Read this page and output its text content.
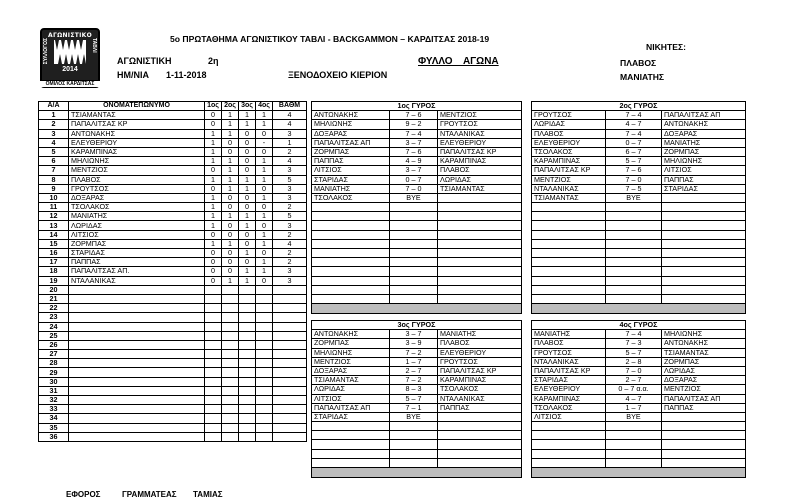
ΑΓΩΝΙΣΤΙΚΟ
ΣΥΛΛΟΓΟΣ	ΤΑΒΛΙ
2014
ΟΜΙΛΟΣ ΚΑΡΔΙΤΣΑΣ
5ο ΠΡΩΤΑΘΗΜΑ ΑΓΩΝΙΣΤΙΚΟΥ ΤΑΒΛΙ - BACKGAMMON – ΚΑΡΔΙΤΣΑΣ 2018-19
ΑΓΩΝΙΣΤΙΚΗ	2η
ΗΜ/ΝΙΑ 1-11-2018	ΞΕΝΟΔΟΧΕΙΟ ΚΙΕΡΙΟΝ
ΦΥΛΛΟ ΑΓΩΝΑ
ΝΙΚΗΤΕΣ:
ΠΛΑΒΟΣ
ΜΑΝΙΑΤΗΣ
Α/Α	ΟΝΟΜΑΤΕΠΩΝΥΜΟ	1ος	2ος	3ος	4ος	ΒΑΘΜ
1	ΤΣΙΑΜΑΝΤΑΣ	0	1	1	1	4
2	ΠΑΠΑΛΙΤΣΑΣ ΚΡ	0	1	1	1	4
3	ΑΝΤΩΝΑΚΗΣ	1	1	0	0	3
4	ΕΛΕΥΘΕΡΙΟΥ	1	0	0	-	1
5	ΚΑΡΑΜΠΙΝΑΣ	1	0	0	0	2
6	ΜΗΛΙΩΝΗΣ	1	1	0	1	4
7	ΜΕΝΤΖΙΟΣ	0	1	0	1	3
8	ΠΛΑΒΟΣ	1	1	1	1	5
9	ΓΡΟΥΤΣΟΣ	0	1	1	0	3
10	ΔΟΞΑΡΑΣ	1	0	0	1	3
11	ΤΣΟΛΑΚΟΣ	1	0	0	0	2
12	ΜΑΝΙΑΤΗΣ	1	1	1	1	5
13	ΛΩΡΙΔΑΣ	1	0	1	0	3
14	ΛΙΤΣΙΟΣ	0	0	0	1	2
15	ΖΟΡΜΠΑΣ	1	1	0	1	4
16	ΣΤΑΡΙΔΑΣ	0	0	1	0	2
17	ΠΑΠΠΑΣ	0	0	0	1	2
18	ΠΑΠΑΛΙΤΣΑΣ ΑΠ.	0	0	1	1	3
19	ΝΤΑΛΑΝΙΚΑΣ	0	1	1	0	3
20						
21						
22						
23						
24						
25						
26						
27						
28						
29						
30						
31						
32						
33						
34						
35						
36						
1ος ΓΥΡΟΣ		
ΑΝΤΩΝΑΚΗΣ	7 – 6	ΜΕΝΤΖΙΟΣ
ΜΗΛΙΩΝΗΣ	9 – 2	ΓΡΟΥΤΣΟΣ
ΔΟΞΑΡΑΣ	7 – 4	ΝΤΑΛΑΝΙΚΑΣ
ΠΑΠΑΛΙΤΣΑΣ ΑΠ	3 – 7	ΕΛΕΥΘΕΡΙΟΥ
ΖΟΡΜΠΑΣ	7 – 6	ΠΑΠΑΛΙΤΣΑΣ ΚΡ
ΠΑΠΠΑΣ	4 – 9	ΚΑΡΑΜΠΙΝΑΣ
ΛΙΤΣΙΟΣ	3 – 7	ΠΛΑΒΟΣ
ΣΤΑΡΙΔΑΣ	0 – 7	ΛΩΡΙΔΑΣ
ΜΑΝΙΑΤΗΣ	7 – 0	ΤΣΙΑΜΑΝΤΑΣ
ΤΣΟΛΑΚΟΣ	BYE	

2ος ΓΥΡΟΣ		
ΓΡΟΥΤΣΟΣ	7 – 4	ΠΑΠΑΛΙΤΣΑΣ ΑΠ
ΛΩΡΙΔΑΣ	4 – 7	ΑΝΤΩΝΑΚΗΣ
ΠΛΑΒΟΣ	7 – 4	ΔΟΞΑΡΑΣ
ΕΛΕΥΘΕΡΙΟΥ	0 – 7	ΜΑΝΙΑΤΗΣ
ΤΣΟΛΑΚΟΣ	6 – 7	ΖΟΡΜΠΑΣ
ΚΑΡΑΜΠΙΝΑΣ	5 – 7	ΜΗΛΙΩΝΗΣ
ΠΑΠΑΛΙΤΣΑΣ ΚΡ	7 – 6	ΛΙΤΣΙΟΣ
ΜΕΝΤΖΙΟΣ	7 – 0	ΠΑΠΠΑΣ
ΝΤΑΛΑΝΙΚΑΣ	7 – 5	ΣΤΑΡΙΔΑΣ
ΤΣΙΑΜΑΝΤΑΣ	BYE	

3ος ΓΥΡΟΣ		
ΑΝΤΩΝΑΚΗΣ	3 – 7	ΜΑΝΙΑΤΗΣ
ΖΟΡΜΠΑΣ	3 – 9	ΠΛΑΒΟΣ
ΜΗΛΙΩΝΗΣ	7 – 2	ΕΛΕΥΘΕΡΙΟΥ
ΜΕΝΤΖΙΟΣ	1 – 7	ΓΡΟΥΤΣΟΣ
ΔΟΞΑΡΑΣ	2 – 7	ΠΑΠΑΛΙΤΣΑΣ ΚΡ
ΤΣΙΑΜΑΝΤΑΣ	7 – 2	ΚΑΡΑΜΠΙΝΑΣ
ΛΩΡΙΔΑΣ	8 – 3	ΤΣΟΛΑΚΟΣ
ΛΙΤΣΙΟΣ	5 – 7	ΝΤΑΛΑΝΙΚΑΣ
ΠΑΠΑΛΙΤΣΑΣ ΑΠ	7 – 1	ΠΑΠΠΑΣ
ΣΤΑΡΙΔΑΣ	BYE	

4ος ΓΥΡΟΣ		
ΜΑΝΙΑΤΗΣ	7 – 4	ΜΗΛΙΩΝΗΣ
ΠΛΑΒΟΣ	7 – 3	ΑΝΤΩΝΑΚΗΣ
ΓΡΟΥΤΣΟΣ	5 – 7	ΤΣΙΑΜΑΝΤΑΣ
ΝΤΑΛΑΝΙΚΑΣ	2 – 8	ΖΟΡΜΠΑΣ
ΠΑΠΑΛΙΤΣΑΣ ΚΡ	7 – 0	ΛΩΡΙΔΑΣ
ΣΤΑΡΙΔΑΣ	2 – 7	ΔΟΞΑΡΑΣ
ΕΛΕΥΘΕΡΙΟΥ	0 – 7 α.α.	ΜΕΝΤΖΙΟΣ
ΚΑΡΑΜΠΙΝΑΣ	4 – 7	ΠΑΠΑΛΙΤΣΑΣ ΑΠ
ΤΣΟΛΑΚΟΣ	1 – 7	ΠΑΠΠΑΣ
ΛΙΤΣΙΟΣ	BYE	

ΕΦΟΡΟΣ	ΓΡΑΜΜΑΤΕΑΣ ΤΑΜΙΑΣ
